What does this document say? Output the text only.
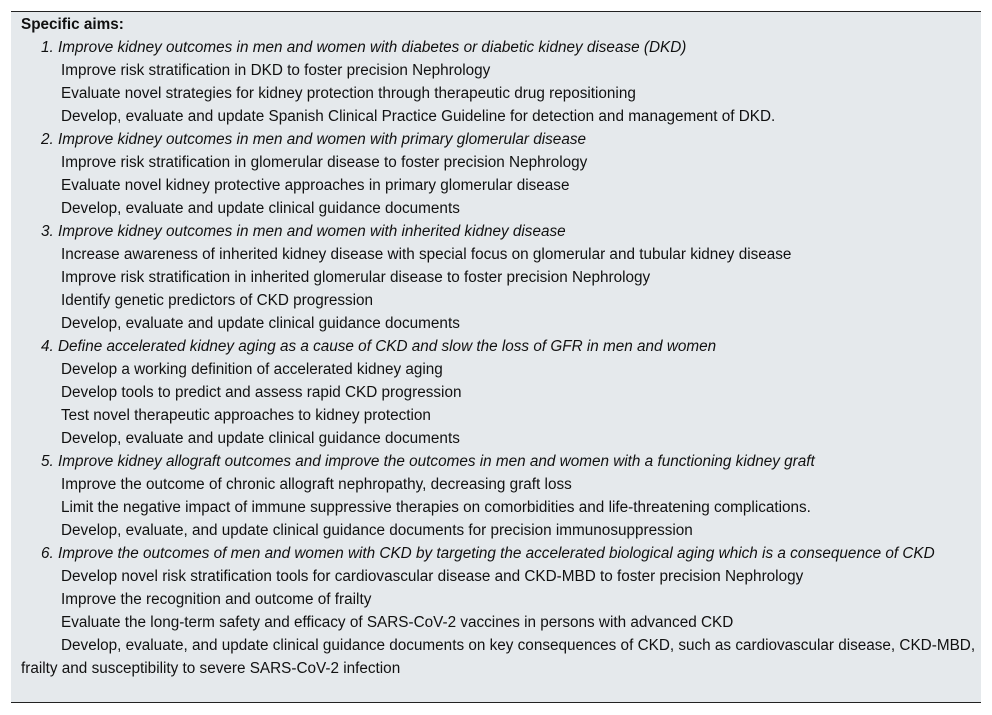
Specific aims:
1. Improve kidney outcomes in men and women with diabetes or diabetic kidney disease (DKD)
Improve risk stratification in DKD to foster precision Nephrology
Evaluate novel strategies for kidney protection through therapeutic drug repositioning
Develop, evaluate and update Spanish Clinical Practice Guideline for detection and management of DKD.
2. Improve kidney outcomes in men and women with primary glomerular disease
Improve risk stratification in glomerular disease to foster precision Nephrology
Evaluate novel kidney protective approaches in primary glomerular disease
Develop, evaluate and update clinical guidance documents
3. Improve kidney outcomes in men and women with inherited kidney disease
Increase awareness of inherited kidney disease with special focus on glomerular and tubular kidney disease
Improve risk stratification in inherited glomerular disease to foster precision Nephrology
Identify genetic predictors of CKD progression
Develop, evaluate and update clinical guidance documents
4. Define accelerated kidney aging as a cause of CKD and slow the loss of GFR in men and women
Develop a working definition of accelerated kidney aging
Develop tools to predict and assess rapid CKD progression
Test novel therapeutic approaches to kidney protection
Develop, evaluate and update clinical guidance documents
5. Improve kidney allograft outcomes and improve the outcomes in men and women with a functioning kidney graft
Improve the outcome of chronic allograft nephropathy, decreasing graft loss
Limit the negative impact of immune suppressive therapies on comorbidities and life-threatening complications.
Develop, evaluate, and update clinical guidance documents for precision immunosuppression
6. Improve the outcomes of men and women with CKD by targeting the accelerated biological aging which is a consequence of CKD
Develop novel risk stratification tools for cardiovascular disease and CKD-MBD to foster precision Nephrology
Improve the recognition and outcome of frailty
Evaluate the long-term safety and efficacy of SARS-CoV-2 vaccines in persons with advanced CKD
Develop, evaluate, and update clinical guidance documents on key consequences of CKD, such as cardiovascular disease, CKD-MBD, frailty and susceptibility to severe SARS-CoV-2 infection
